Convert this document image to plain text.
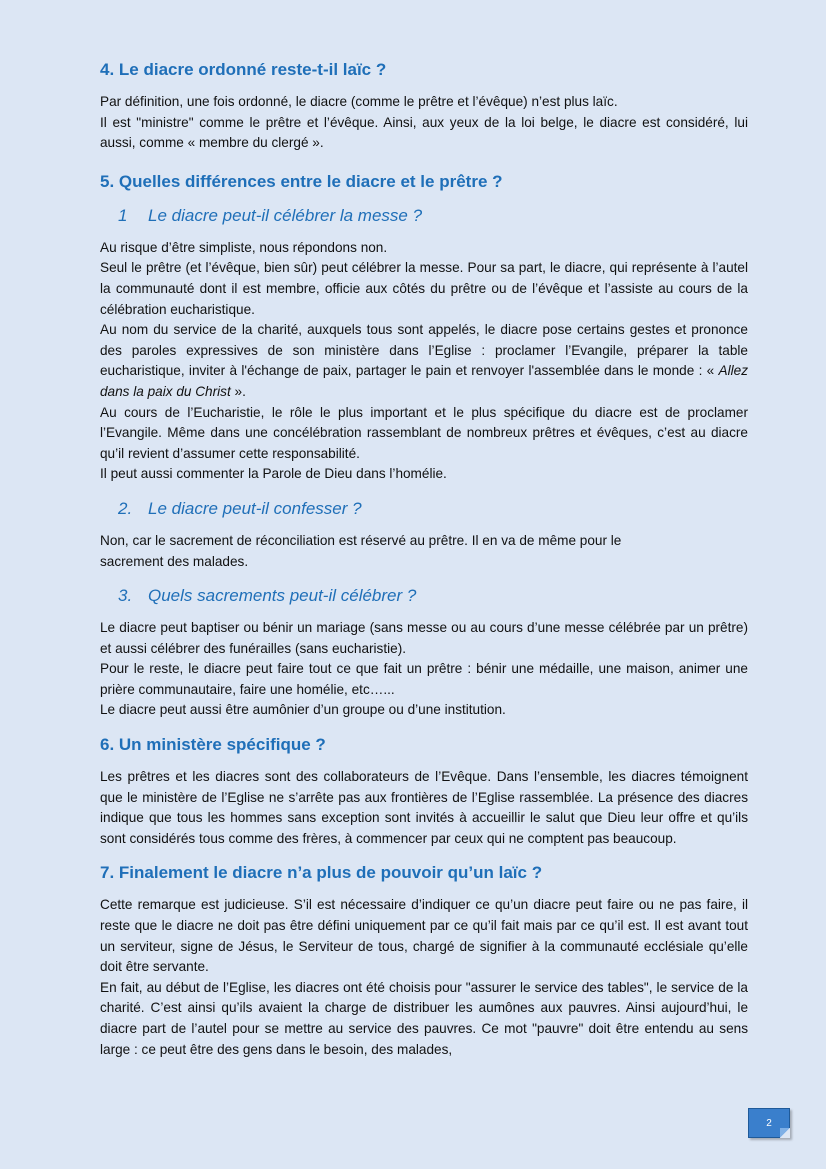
4. Le diacre ordonné reste-t-il laïc ?

Par définition, une fois ordonné, le diacre (comme le prêtre et l’évêque) n’est plus laïc.

Il est "ministre" comme le prêtre et l’évêque. Ainsi, aux yeux de la loi belge, le diacre est considéré, lui aussi, comme « membre du clergé ».

5. Quelles différences entre le diacre et le prêtre ?
1 Le diacre peut-il célébrer la messe ?

Au risque d’être simpliste, nous répondons non.

Seul le prêtre (et l’évêque, bien sûr) peut célébrer la messe. Pour sa part, le diacre, qui représente à l’autel la communauté dont il est membre, officie aux côtés du prêtre ou de l’évêque et l’assiste au cours de la célébration eucharistique.

Au nom du service de la charité, auxquels tous sont appelés, le diacre pose certains gestes et prononce des paroles expressives de son ministère dans l’Eglise : proclamer l’Evangile, préparer la table eucharistique, inviter à l'échange de paix, partager le pain et renvoyer l'assemblée dans le monde : « Allez dans la paix du Christ ».

Au cours de l’Eucharistie, le rôle le plus important et le plus spécifique du diacre est de proclamer l’Evangile. Même dans une concélébration rassemblant de nombreux prêtres et évêques, c’est au diacre qu’il revient d’assumer cette responsabilité.

Il peut aussi commenter la Parole de Dieu dans l’homélie.

2. Le diacre peut-il confesser ?

Non, car le sacrement de réconciliation est réservé au prêtre. Il en va de même pour le sacrement des malades.

3. Quels sacrements peut-il célébrer ?

Le diacre peut baptiser ou bénir un mariage (sans messe ou au cours d’une messe célébrée par un prêtre) et aussi célébrer des funérailles (sans eucharistie).

Pour le reste, le diacre peut faire tout ce que fait un prêtre : bénir une médaille, une maison, animer une prière communautaire, faire une homélie, etc…...

Le diacre peut aussi être aumônier d’un groupe ou d’une institution.

6. Un ministère spécifique ?

Les prêtres et les diacres sont des collaborateurs de l’Evêque. Dans l’ensemble, les diacres témoignent que le ministère de l’Eglise ne s’arrête pas aux frontières de l’Eglise rassemblée. La présence des diacres indique que tous les hommes sans exception sont invités à accueillir le salut que Dieu leur offre et qu’ils sont considérés tous comme des frères, à commencer par ceux qui ne comptent pas beaucoup.

7. Finalement le diacre n’a plus de pouvoir qu’un laïc ?

Cette remarque est judicieuse. S’il est nécessaire d’indiquer ce qu’un diacre peut faire ou ne pas faire, il reste que le diacre ne doit pas être défini uniquement par ce qu’il fait mais par ce qu’il est. Il est avant tout un serviteur, signe de Jésus, le Serviteur de tous, chargé de signifier à la communauté ecclésiale qu’elle doit être servante.

En fait, au début de l’Eglise, les diacres ont été choisis pour "assurer le service des tables", le service de la charité. C’est ainsi qu’ils avaient la charge de distribuer les aumônes aux pauvres. Ainsi aujourd’hui, le diacre part de l’autel pour se mettre au service des pauvres. Ce mot "pauvre" doit être entendu au sens large : ce peut être des gens dans le besoin, des malades,

2
